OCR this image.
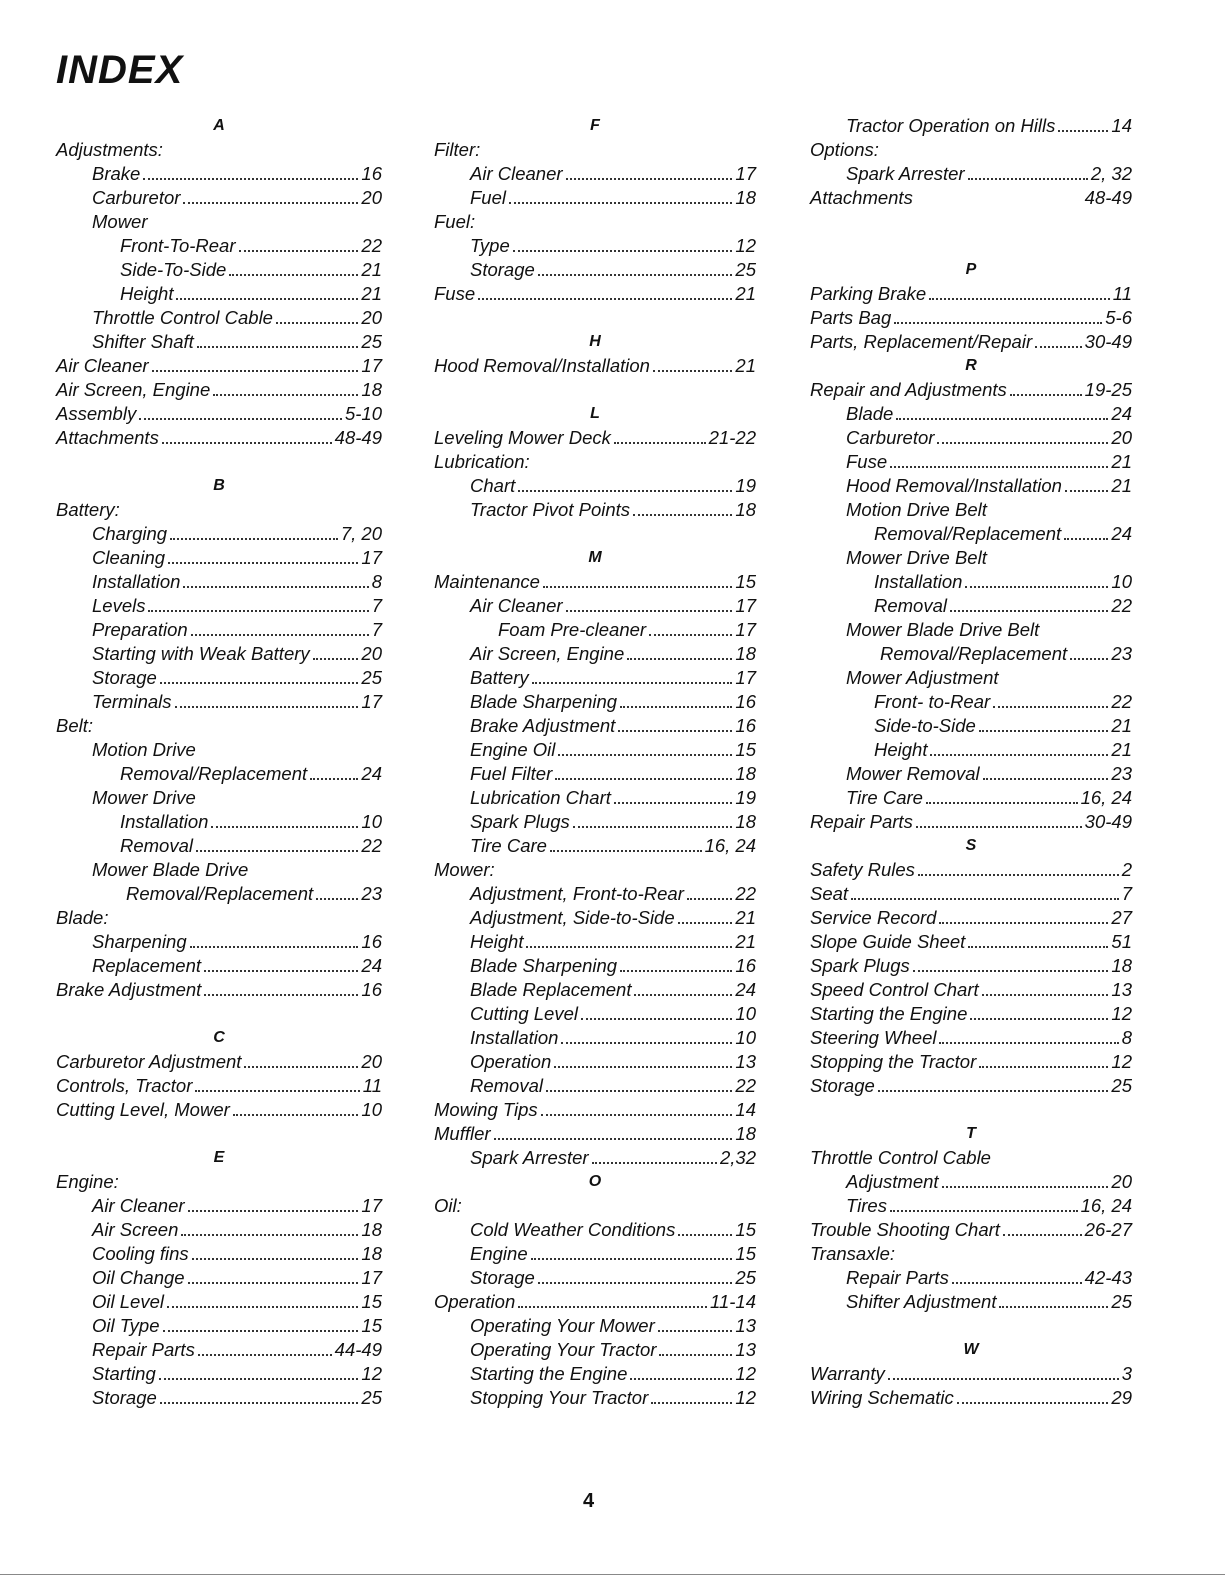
INDEX
A
Adjustments:
Brake	16
Carburetor	20
Mower
Front-To-Rear	22
Side-To-Side	21
Height	21
Throttle Control Cable	20
Shifter Shaft	25
Air Cleaner	17
Air Screen, Engine	18
Assembly	5-10
Attachments	48-49
B
Battery:
Charging	7, 20
Cleaning	17
Installation	8
Levels	7
Preparation	7
Starting with Weak Battery	20
Storage	25
Terminals	17
Belt:
Motion Drive
Removal/Replacement	24
Mower Drive
Installation	10
Removal	22
Mower Blade Drive
Removal/Replacement	23
Blade:
Sharpening	16
Replacement	24
Brake Adjustment	16
C
Carburetor Adjustment	20
Controls, Tractor	11
Cutting Level, Mower	10
E
Engine:
Air Cleaner	17
Air Screen	18
Cooling fins	18
Oil Change	17
Oil Level	15
Oil Type	15
Repair Parts	44-49
Starting	12
Storage	25
F
Filter:
Air Cleaner	17
Fuel	18
Fuel:
Type	12
Storage	25
Fuse	21
H
Hood Removal/Installation	21
L
Leveling Mower Deck	21-22
Lubrication:
Chart	19
Tractor Pivot Points	18
M
Maintenance	15
Air Cleaner	17
Foam Pre-cleaner	17
Air Screen, Engine	18
Battery	17
Blade Sharpening	16
Brake Adjustment	16
Engine Oil	15
Fuel Filter	18
Lubrication Chart	19
Spark Plugs	18
Tire Care	16, 24
Mower:
Adjustment, Front-to-Rear	22
Adjustment, Side-to-Side	21
Height	21
Blade Sharpening	16
Blade Replacement	24
Cutting Level	10
Installation	10
Operation	13
Removal	22
Mowing Tips	14
Muffler	18
Spark Arrester	2,32
O
Oil:
Cold Weather Conditions	15
Engine	15
Storage	25
Operation	11-14
Operating Your Mower	13
Operating Your Tractor	13
Starting the Engine	12
Stopping Your Tractor	12
Tractor Operation on Hills	14
Options:
Spark Arrester	2, 32
Attachments	48-49
P
Parking Brake	11
Parts Bag	5-6
Parts, Replacement/Repair	30-49
R
Repair and Adjustments	19-25
Blade	24
Carburetor	20
Fuse	21
Hood Removal/Installation	21
Motion Drive Belt
Removal/Replacement	24
Mower Drive Belt
Installation	10
Removal	22
Mower Blade Drive Belt
Removal/Replacement 23
Mower Adjustment
Front- to-Rear	22
Side-to-Side	21
Height	21
Mower Removal	23
Tire Care	16, 24
Repair Parts	30-49
S
Safety Rules	2
Seat	7
Service Record	27
Slope Guide Sheet	51
Spark Plugs	18
Speed Control Chart	13
Starting the Engine	12
Steering Wheel	8
Stopping the Tractor	12
Storage	25
T
Throttle Control Cable
Adjustment	20
Tires	16, 24
Trouble Shooting Chart	26-27
Transaxle:
Repair Parts	42-43
Shifter Adjustment	25
W
Warranty	3
Wiring Schematic	29
4
